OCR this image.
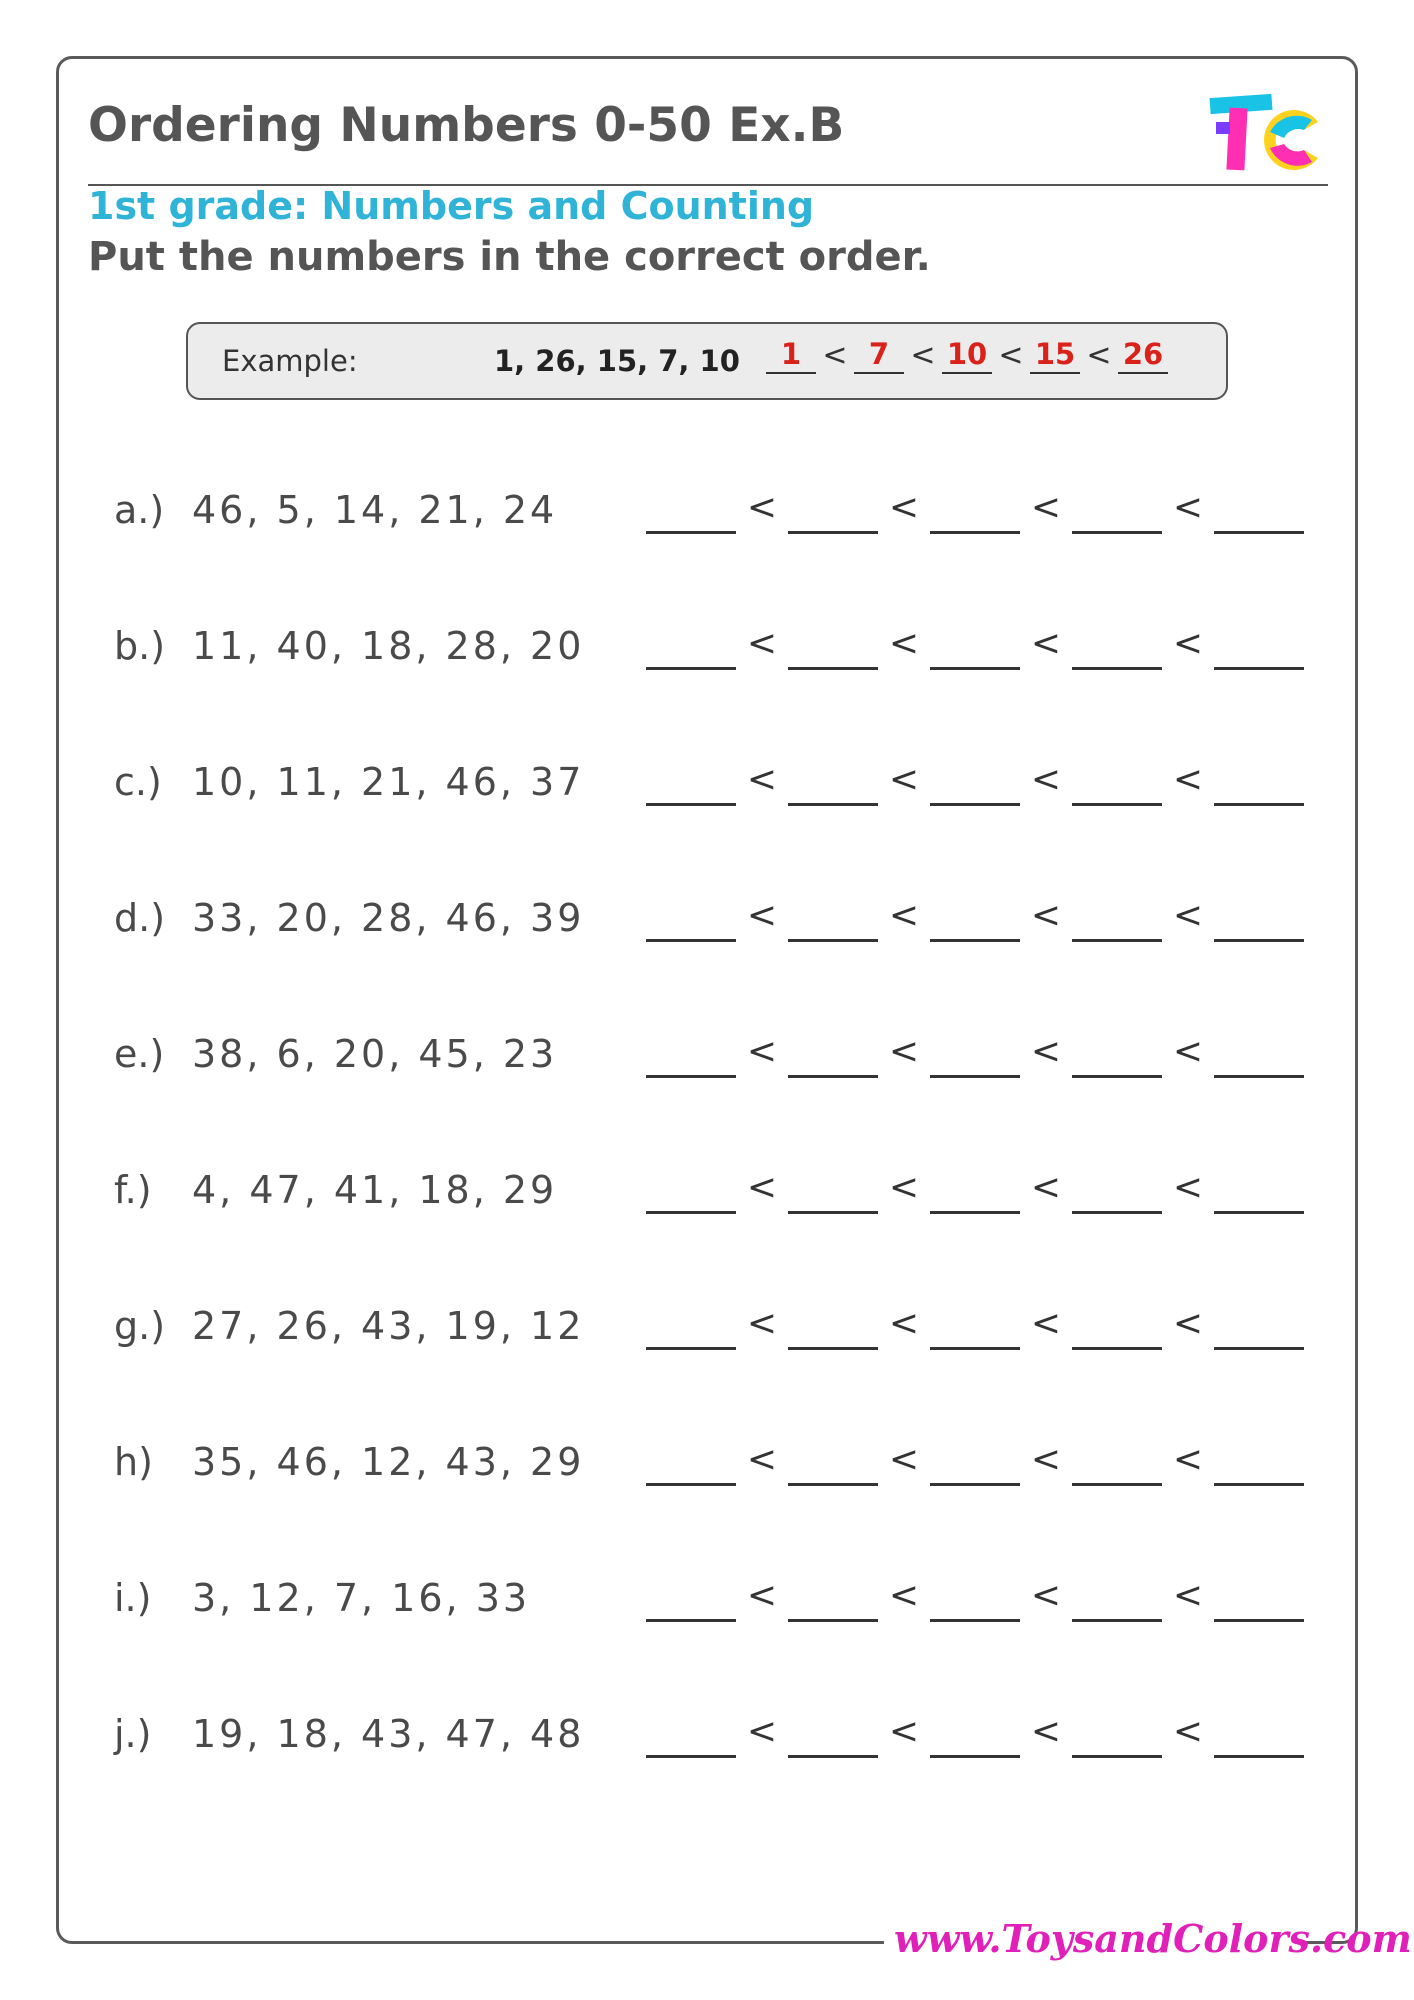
Ordering Numbers 0-50 Ex.B
1st grade: Numbers and Counting
Put the numbers in the correct order.
Example:	1, 26, 15, 7, 10	1 < 7 < 10 < 15 < 26
a.) 46, 5, 14, 21, 24	<	<	<	<
b.) 11, 40, 18, 28, 20	<	<	<	<
c.) 10, 11, 21, 46, 37	<	<	<	<
d.) 33, 20, 28, 46, 39	<	<	<	<
e.) 38, 6, 20, 45, 23	<	<	<	<
f.) 4, 47, 41, 18, 29	<	<	<	<
g.) 27, 26, 43, 19, 12	<	<	<	<
h) 35, 46, 12, 43, 29	<	<	<	<
i.) 3, 12, 7, 16, 33	<	<	<	<
j.) 19, 18, 43, 47, 48	<	<	<	<
www.ToysandColors.com
